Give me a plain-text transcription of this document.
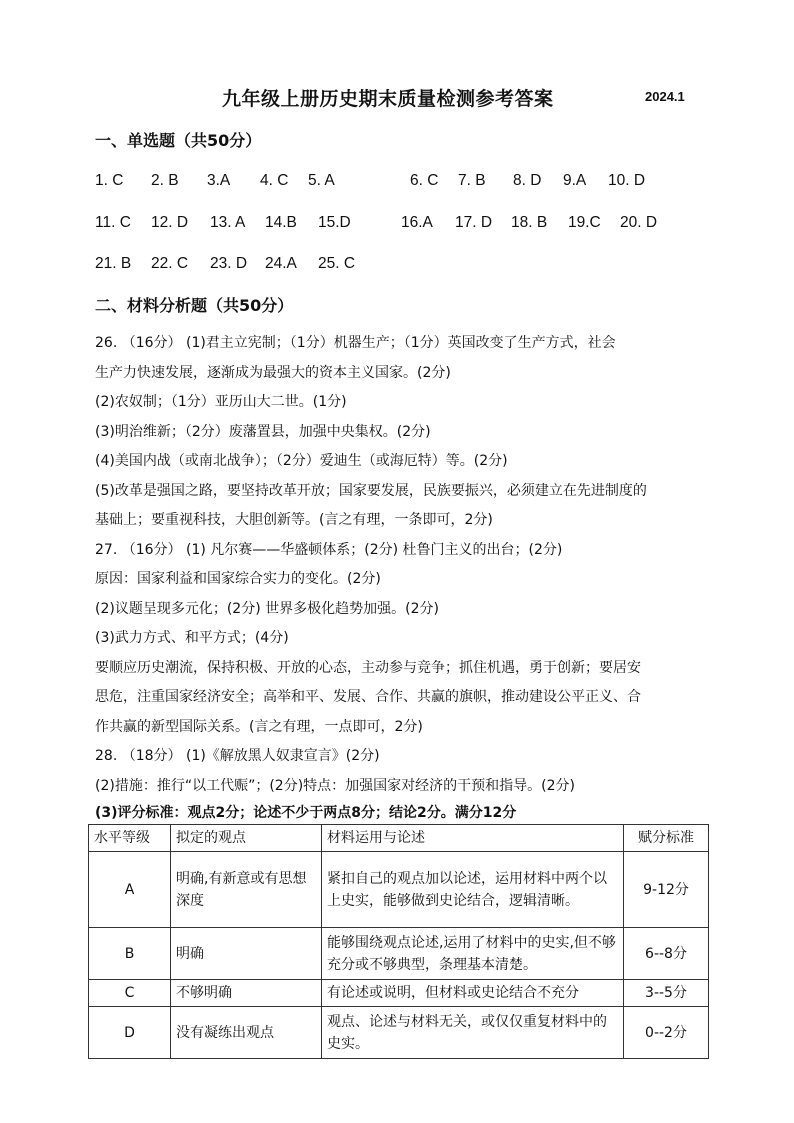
九年级上册历史期末质量检测参考答案	2024.1
一、单选题（共50分）
1. C 2. B 3.A 4. C 5. A	6. C 7. B 8. D 9.A 10. D
11. C 12. D 13. A 14.B 15.D	16.A 17. D 18. B 19.C 20. D
21. B 22. C 23. D 24.A 25. C
二、材料分析题（共50分）
26. （16分） (1)君主立宪制；（1分）机器生产；（1分）英国改变了生产方式，社会
生产力快速发展，逐渐成为最强大的资本主义国家。(2分)
(2)农奴制；（1分）亚历山大二世。(1分)
(3)明治维新；（2分）废藩置县，加强中央集权。(2分)
(4)美国内战（或南北战争）；（2分）爱迪生（或海厄特）等。(2分)
(5)改革是强国之路，要坚持改革开放；国家要发展，民族要振兴，必须建立在先进制度的
基础上；要重视科技，大胆创新等。(言之有理，一条即可，2分)
27. （16分） (1) 凡尔赛——华盛顿体系；(2分) 杜鲁门主义的出台；(2分)
原因：国家利益和国家综合实力的变化。(2分)
(2)议题呈现多元化；(2分) 世界多极化趋势加强。(2分)
(3)武力方式、和平方式；(4分)
要顺应历史潮流，保持积极、开放的心态，主动参与竞争；抓住机遇，勇于创新；要居安
思危，注重国家经济安全；高举和平、发展、合作、共赢的旗帜，推动建设公平正义、合
作共赢的新型国际关系。(言之有理，一点即可，2分)
28. （18分） (1)《解放黑人奴隶宣言》(2分)
(2)措施：推行“以工代赈”；(2分)特点：加强国家对经济的干预和指导。(2分)
(3)评分标准：观点2分；论述不少于两点8分；结论2分。满分12分
水平等级	拟定的观点	材料运用与论述	赋分标准
A	明确,有新意或有思想深度	紧扣自己的观点加以论述，运用材料中两个以上史实，能够做到史论结合，逻辑清晰。	9-12分
B	明确	能够围绕观点论述,运用了材料中的史实,但不够充分或不够典型，条理基本清楚。	6--8分
C	不够明确	有论述或说明，但材料或史论结合不充分	3--5分
D	没有凝练出观点	观点、论述与材料无关，或仅仅重复材料中的史实。	0--2分
